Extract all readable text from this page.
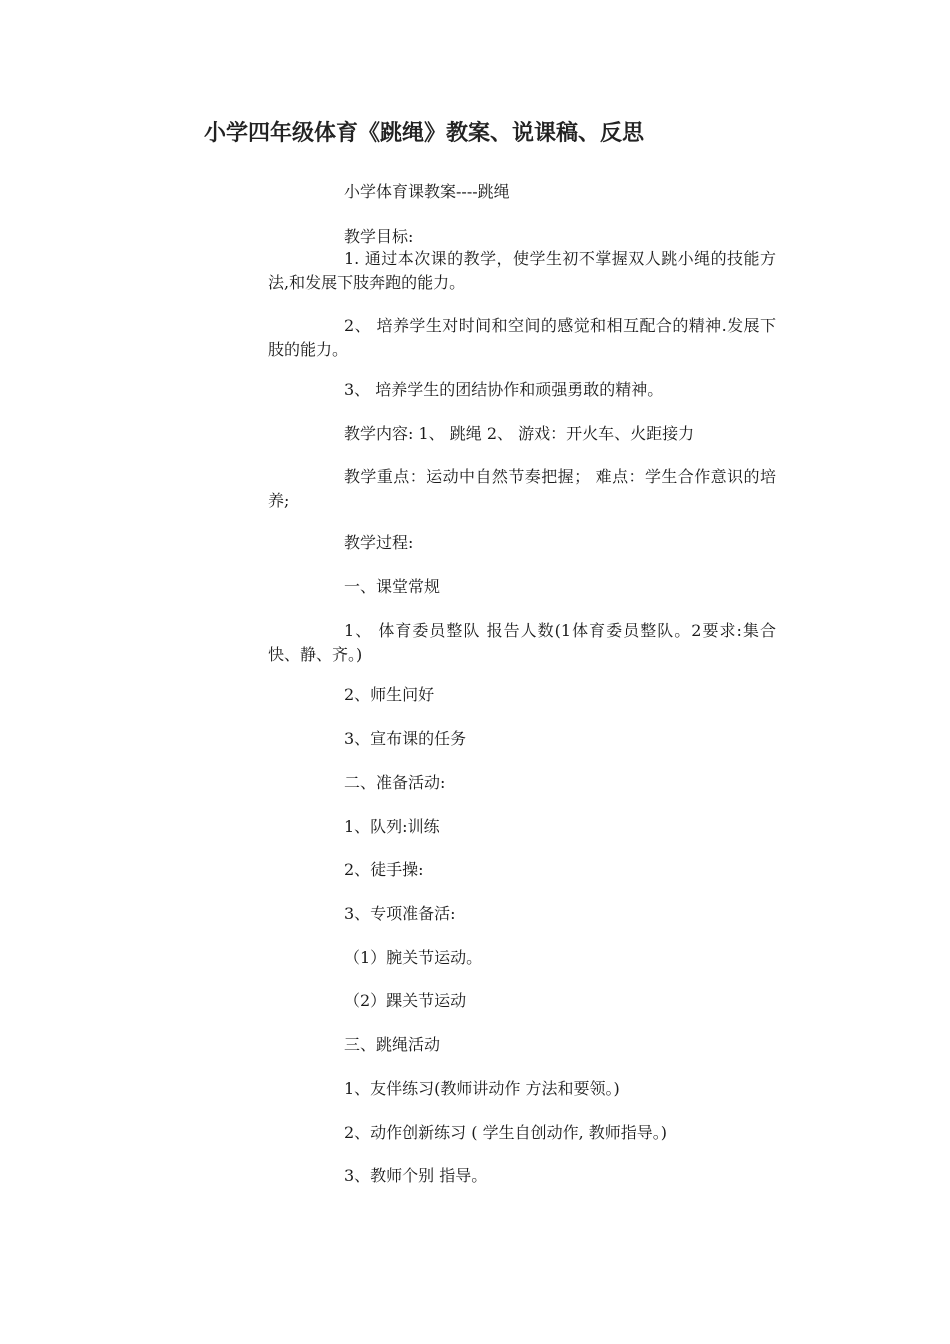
小学四年级体育《跳绳》教案、说课稿、反思
小学体育课教案----跳绳
教学目标:
1. 通过本次课的教学，使学生初不掌握双人跳小绳的技能方法,和发展下肢奔跑的能力。
2、 培养学生对时间和空间的感觉和相互配合的精神.发展下肢的能力。
3、 培养学生的团结协作和顽强勇敢的精神。
教学内容: 1、 跳绳 2、 游戏：开火车、火距接力
教学重点：运动中自然节奏把握； 难点：学生合作意识的培养;
教学过程:
一、课堂常规
1、 体育委员整队 报告人数(1体育委员整队。2要求:集合快、静、齐。)
2、师生问好
3、宣布课的任务
二、准备活动:
1、队列:训练
2、徒手操:
3、专项准备活:
（1）腕关节运动。
（2）踝关节运动
三、跳绳活动
1、友伴练习(教师讲动作 方法和要领。)
2、动作创新练习 ( 学生自创动作, 教师指导。)
3、教师个别 指导。
